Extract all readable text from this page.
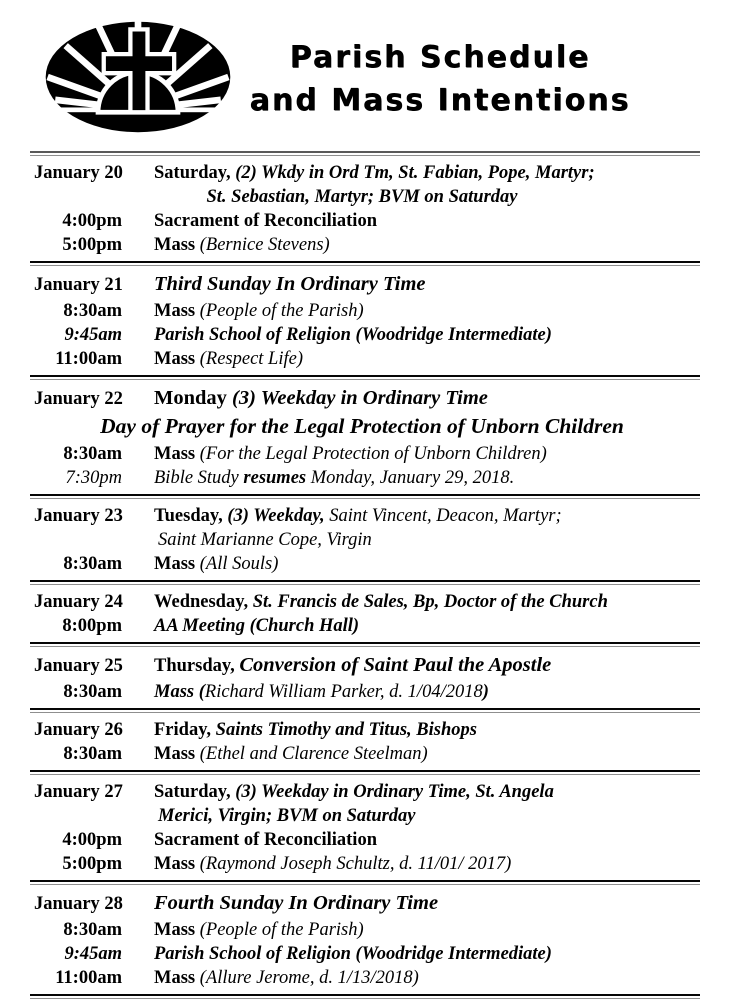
Parish Schedule
and Mass Intentions
January 20 Saturday, (2) Wkdy in Ord Tm, St. Fabian, Pope, Martyr;
St. Sebastian, Martyr; BVM on Saturday
4:00pm Sacrament of Reconciliation
5:00pm Mass (Bernice Stevens)
January 21 Third Sunday In Ordinary Time
8:30am Mass (People of the Parish)
9:45am Parish School of Religion (Woodridge Intermediate)
11:00am Mass (Respect Life)
January 22 Monday (3) Weekday in Ordinary Time
Day of Prayer for the Legal Protection of Unborn Children
8:30am Mass (For the Legal Protection of Unborn Children)
7:30pm Bible Study resumes Monday, January 29, 2018.
January 23 Tuesday, (3) Weekday, Saint Vincent, Deacon, Martyr;
Saint Marianne Cope, Virgin
8:30am Mass (All Souls)
January 24 Wednesday, St. Francis de Sales, Bp, Doctor of the Church
8:00pm AA Meeting (Church Hall)
January 25 Thursday, Conversion of Saint Paul the Apostle
8:30am Mass (Richard William Parker, d. 1/04/2018)
January 26 Friday, Saints Timothy and Titus, Bishops
8:30am Mass (Ethel and Clarence Steelman)
January 27 Saturday, (3) Weekday in Ordinary Time, St. Angela
Merici, Virgin; BVM on Saturday
4:00pm Sacrament of Reconciliation
5:00pm Mass (Raymond Joseph Schultz, d. 11/01/ 2017)
January 28 Fourth Sunday In Ordinary Time
8:30am Mass (People of the Parish)
9:45am Parish School of Religion (Woodridge Intermediate)
11:00am Mass (Allure Jerome, d. 1/13/2018)
